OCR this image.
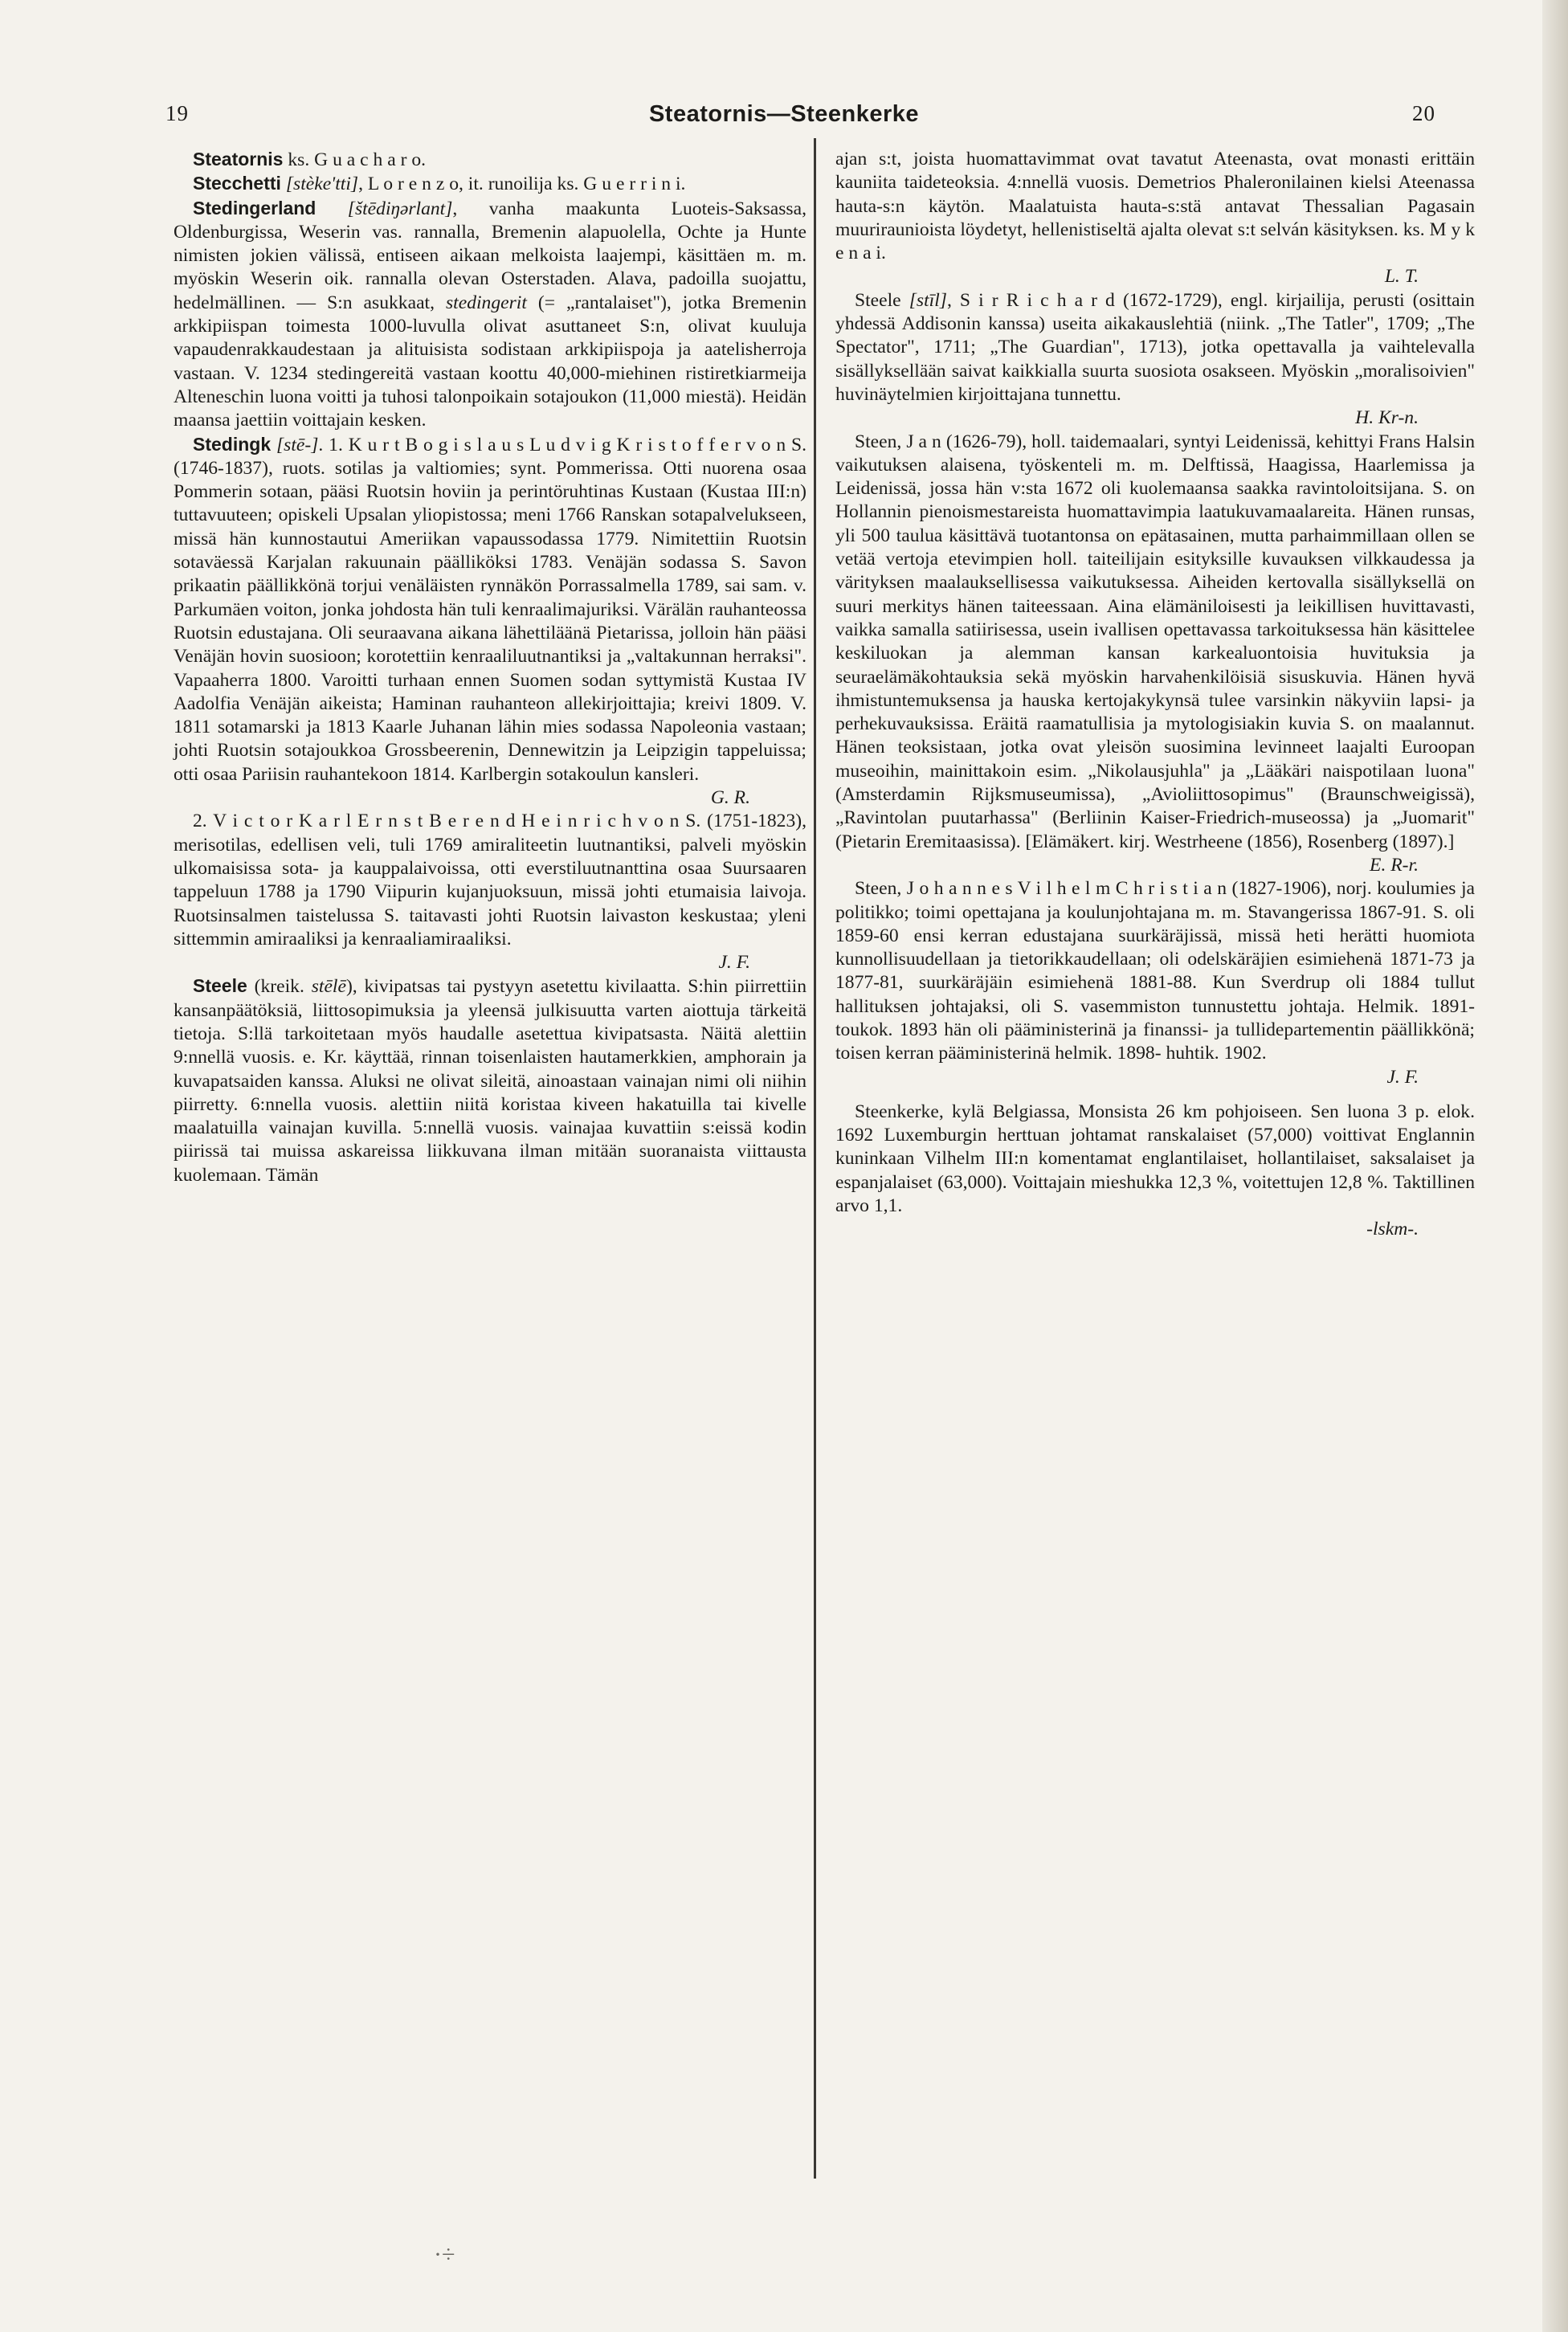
19	Steatornis—Steenkerke	20
Steatornis ks. G u a c h a r o.
Stecchetti [stèke'tti], L o r e n z o, it. runoilija ks. G u e r r i n i.
Stedingerland [štēdiŋərlant], vanha maakunta Luoteis-Saksassa, Oldenburgissa, Weserin vas. rannalla, Bremenin alapuolella, Ochte ja Hunte nimisten jokien välissä, entiseen aikaan melkoista laajempi, käsittäen m. m. myöskin Weserin oik. rannalla olevan Osterstaden. Alava, padoilla suojattu, hedelmällinen. — S:n asukkaat, stedingerit (= „rantalaiset"), jotka Bremenin arkkipiispan toimesta 1000-luvulla olivat asuttaneet S:n, olivat kuuluja vapaudenrakkaudestaan ja alituisista sodistaan arkkipiispoja ja aatelisherroja vastaan. V. 1234 stedingereitä vastaan koottu 40,000-miehinen ristiretkiarmeija Alteneschin luona voitti ja tuhosi talonpoikain sotajoukon (11,000 miestä). Heidän maansa jaettiin voittajain kesken.
Stedingk [stē-]. 1. K u r t B o g i s l a u s L u d v i g K r i s t o f f e r v o n S. (1746-1837), ruots. sotilas ja valtiomies; synt. Pommerissa. Otti nuorena osaa Pommerin sotaan, pääsi Ruotsin hoviin ja perintöruhtinas Kustaan (Kustaa III:n) tuttavuuteen; opiskeli Upsalan yliopistossa; meni 1766 Ranskan sotapalvelukseen, missä hän kunnostautui Ameriikan vapaussodassa 1779. Nimitettiin Ruotsin sotaväessä Karjalan rakuunain päälliköksi 1783. Venäjän sodassa S. Savon prikaatin päällikkönä torjui venäläisten rynnäkön Porrassalmella 1789, sai sam. v. Parkumäen voiton, jonka johdosta hän tuli kenraalimajuriksi. Värälän rauhanteossa Ruotsin edustajana. Oli seuraavana aikana lähettiläänä Pietarissa, jolloin hän pääsi Venäjän hovin suosioon; korotettiin kenraaliluutnantiksi ja „valtakunnan herraksi". Vapaaherra 1800. Varoitti turhaan ennen Suomen sodan syttymistä Kustaa IV Aadolfia Venäjän aikeista; Haminan rauhanteon allekirjoittajia; kreivi 1809. V. 1811 sotamarski ja 1813 Kaarle Juhanan lähin mies sodassa Napoleonia vastaan; johti Ruotsin sotajoukkoa Grossbeerenin, Dennewitzin ja Leipzigin tappeluissa; otti osaa Pariisin rauhantekoon 1814. Karlbergin sotakoulun kansleri.
G. R.
2. V i c t o r K a r l E r n s t B e r e n d H e i n r i c h v o n S. (1751-1823), merisotilas, edellisen veli, tuli 1769 amiraliteetin luutnantiksi, palveli myöskin ulkomaisissa sota- ja kauppalaivoissa, otti everstiluutnanttina osaa Suursaaren tappeluun 1788 ja 1790 Viipurin kujanjuoksuun, missä johti etumaisia laivoja. Ruotsinsalmen taistelussa S. taitavasti johti Ruotsin laivaston keskustaa; yleni sittemmin amiraaliksi ja kenraaliamiraaliksi.
J. F.
Steele (kreik. stēlē), kivipatsas tai pystyyn asetettu kivilaatta. S:hin piirrettiin kansanpäätöksiä, liittosopimuksia ja yleensä julkisuutta varten aiottuja tärkeitä tietoja. S:llä tarkoitetaan myös haudalle asetettua kivipatsasta. Näitä alettiin 9:nnellä vuosis. e. Kr. käyttää, rinnan toisenlaisten hautamerkkien, amphorain ja kuvapatsaiden kanssa. Aluksi ne olivat sileitä, ainoastaan vainajan nimi oli niihin piirretty. 6:nnella vuosis. alettiin niitä koristaa kiveen hakatuilla tai kivelle maalatuilla vainajan kuvilla. 5:nnellä vuosis. vainajaa kuvattiin s:eissä kodin piirissä tai muissa askareissa liikkuvana ilman mitään suoranaista viittausta kuolemaan. Tämän
ajan s:t, joista huomattavimmat ovat tavatut Ateenasta, ovat monasti erittäin kauniita taideteoksia. 4:nnellä vuosis. Demetrios Phaleronilainen kielsi Ateenassa hauta-s:n käytön. Maalatuista hauta-s:stä antavat Thessalian Pagasain muuriraunioista löydetyt, hellenistiseltä ajalta olevat s:t selván käsityksen. ks. M y k e n a i.
L. T.
Steele [stīl], S i r R i c h a r d (1672-1729), engl. kirjailija, perusti (osittain yhdessä Addisonin kanssa) useita aikakauslehtiä (niink. „The Tatler", 1709; „The Spectator", 1711; „The Guardian", 1713), jotka opettavalla ja vaihtelevalla sisällyksellään saivat kaikkialla suurta suosiota osakseen. Myöskin „moralisoivien" huvinäytelmien kirjoittajana tunnettu.
H. Kr-n.
Steen, J a n (1626-79), holl. taidemaalari, syntyi Leidenissä, kehittyi Frans Halsin vaikutuksen alaisena, työskenteli m. m. Delftissä, Haagissa, Haarlemissa ja Leidenissä, jossa hän v:sta 1672 oli kuolemaansa saakka ravintoloitsijana. S. on Hollannin pienoismestareista huomattavimpia laatukuvamaalareita. Hänen runsas, yli 500 taulua käsittävä tuotantonsa on epätasainen, mutta parhaimmillaan ollen se vetää vertoja etevimpien holl. taiteilijain esityksille kuvauksen vilkkaudessa ja värityksen maalauksellisessa vaikutuksessa. Aiheiden kertovalla sisällyksellä on suuri merkitys hänen taiteessaan. Aina elämäniloisesti ja leikillisen huvittavasti, vaikka samalla satiirisessa, usein ivallisen opettavassa tarkoituksessa hän käsittelee keskiluokan ja alemman kansan karkealuontoisia huvituksia ja seuraelämäkohtauksia sekä myöskin harvahenkilöisiä sisuskuvia. Hänen hyvä ihmistuntemuksensa ja hauska kertojakykynsä tulee varsinkin näkyviin lapsi- ja perhekuvauksissa. Eräitä raamatullisia ja mytologisiakin kuvia S. on maalannut. Hänen teoksistaan, jotka ovat yleisön suosimina levinneet laajalti Euroopan museoihin, mainittakoin esim. „Nikolausjuhla" ja „Lääkäri naispotilaan luona" (Amsterdamin Rijksmuseumissa), „Avioliittosopimus" (Braunschweigissä), „Ravintolan puutarhassa" (Berliinin Kaiser-Friedrich-museossa) ja „Juomarit" (Pietarin Eremitaasissa). [Elämäkert. kirj. Westrheene (1856), Rosenberg (1897).]
E. R-r.
Steen, J o h a n n e s V i l h e l m C h r i s t i a n (1827-1906), norj. koulumies ja politikko; toimi opettajana ja koulunjohtajana m. m. Stavangerissa 1867-91. S. oli 1859-60 ensi kerran edustajana suurkäräjissä, missä heti herätti huomiota kunnollisuudellaan ja tietorikkaudellaan; oli odelskäräjien esimiehenä 1871-73 ja 1877-81, suurkäräjäin esimiehenä 1881-88. Kun Sverdrup oli 1884 tullut hallituksen johtajaksi, oli S. vasemmiston tunnustettu johtaja. Helmik. 1891- toukok. 1893 hän oli pääministerinä ja finanssi- ja tullidepartementin päällikkönä; toisen kerran pääministerinä helmik. 1898- huhtik. 1902.
J. F.
Steenkerke, kylä Belgiassa, Monsista 26 km pohjoiseen. Sen luona 3 p. elok. 1692 Luxemburgin herttuan johtamat ranskalaiset (57,000) voittivat Englannin kuninkaan Vilhelm III:n komentamat englantilaiset, hollantilaiset, saksalaiset ja espanjalaiset (63,000). Voittajain mieshukka 12,3 %, voitettujen 12,8 %. Taktillinen arvo 1,1.
-lskm-.
·÷
